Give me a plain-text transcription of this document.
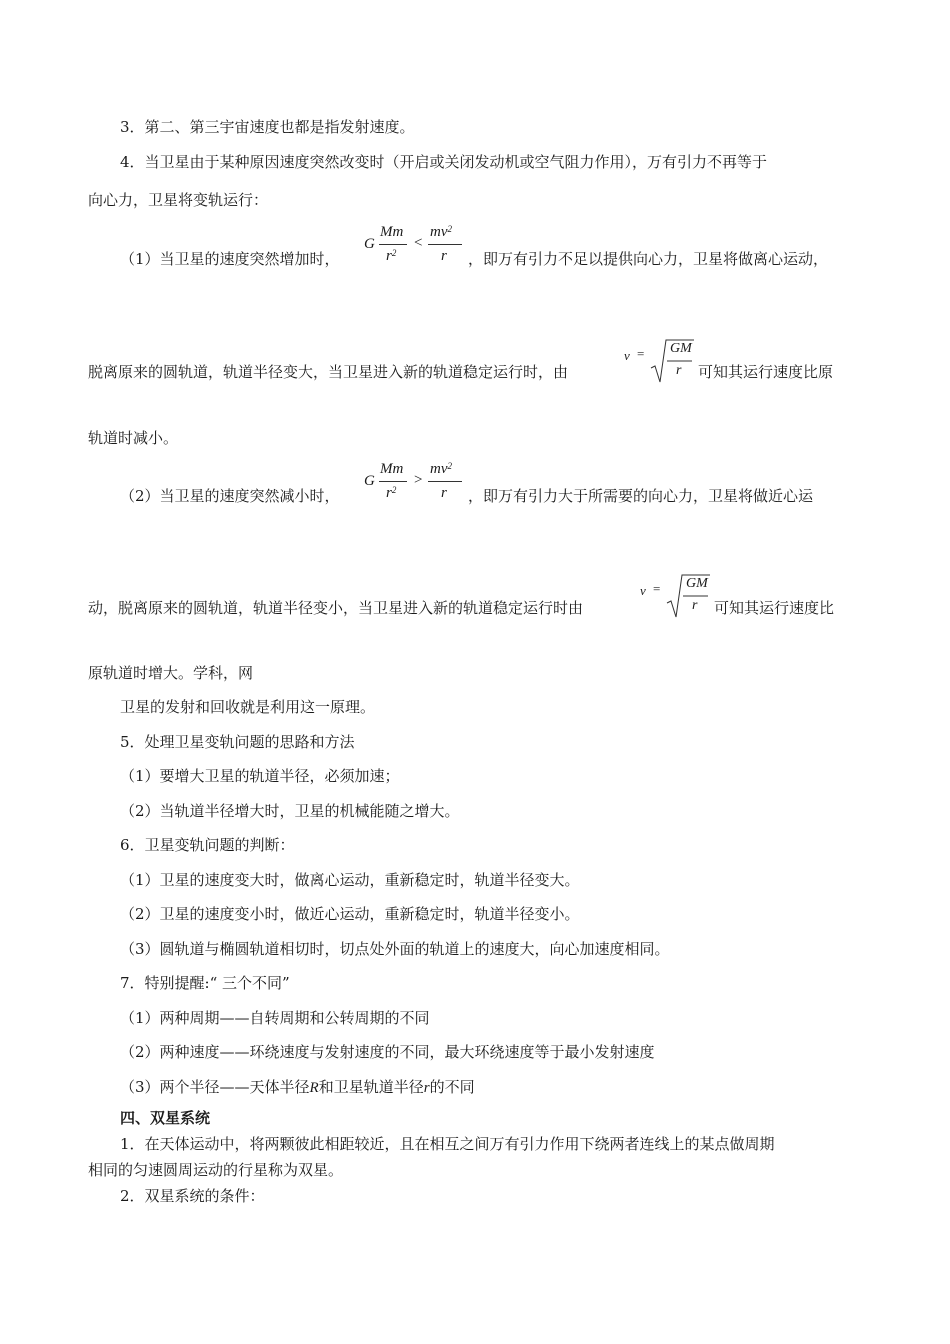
3．第二、第三宇宙速度也都是指发射速度。
4．当卫星由于某种原因速度突然改变时（开启或关闭发动机或空气阻力作用），万有引力不再等于
向心力，卫星将变轨运行：
（1）当卫星的速度突然增加时，
G
Mm
$r^2$
<
$mv^2$
r ，即万有引力不足以提供向心力，卫星将做离心运动，
脱离原来的圆轨道，轨道半径变大，当卫星进入新的轨道稳定运行时，由
v = GM
r 可知其运行速度比原
轨道时减小。
（2）当卫星的速度突然减小时，
G
Mm
$r^2$
>
$mv^2$
r ，即万有引力大于所需要的向心力，卫星将做近心运
动，脱离原来的圆轨道，轨道半径变小，当卫星进入新的轨道稳定运行时由
v = GM
r 可知其运行速度比
原轨道时增大。学科，网
卫星的发射和回收就是利用这一原理。
5．处理卫星变轨问题的思路和方法
（1）要增大卫星的轨道半径，必须加速；
（2）当轨道半径增大时，卫星的机械能随之增大。
6．卫星变轨问题的判断：
（1）卫星的速度变大时，做离心运动，重新稳定时，轨道半径变大。
（2）卫星的速度变小时，做近心运动，重新稳定时，轨道半径变小。
（3）圆轨道与椭圆轨道相切时，切点处外面的轨道上的速度大，向心加速度相同。
7．特别提醒:“ 三个不同”
（1）两种周期——自转周期和公转周期的不同
（2）两种速度——环绕速度与发射速度的不同，最大环绕速度等于最小发射速度
（3）两个半径——天体半径R和卫星轨道半径r的不同
四、双星系统
1．在天体运动中，将两颗彼此相距较近，且在相互之间万有引力作用下绕两者连线上的某点做周期
相同的匀速圆周运动的行星称为双星。
2．双星系统的条件：
